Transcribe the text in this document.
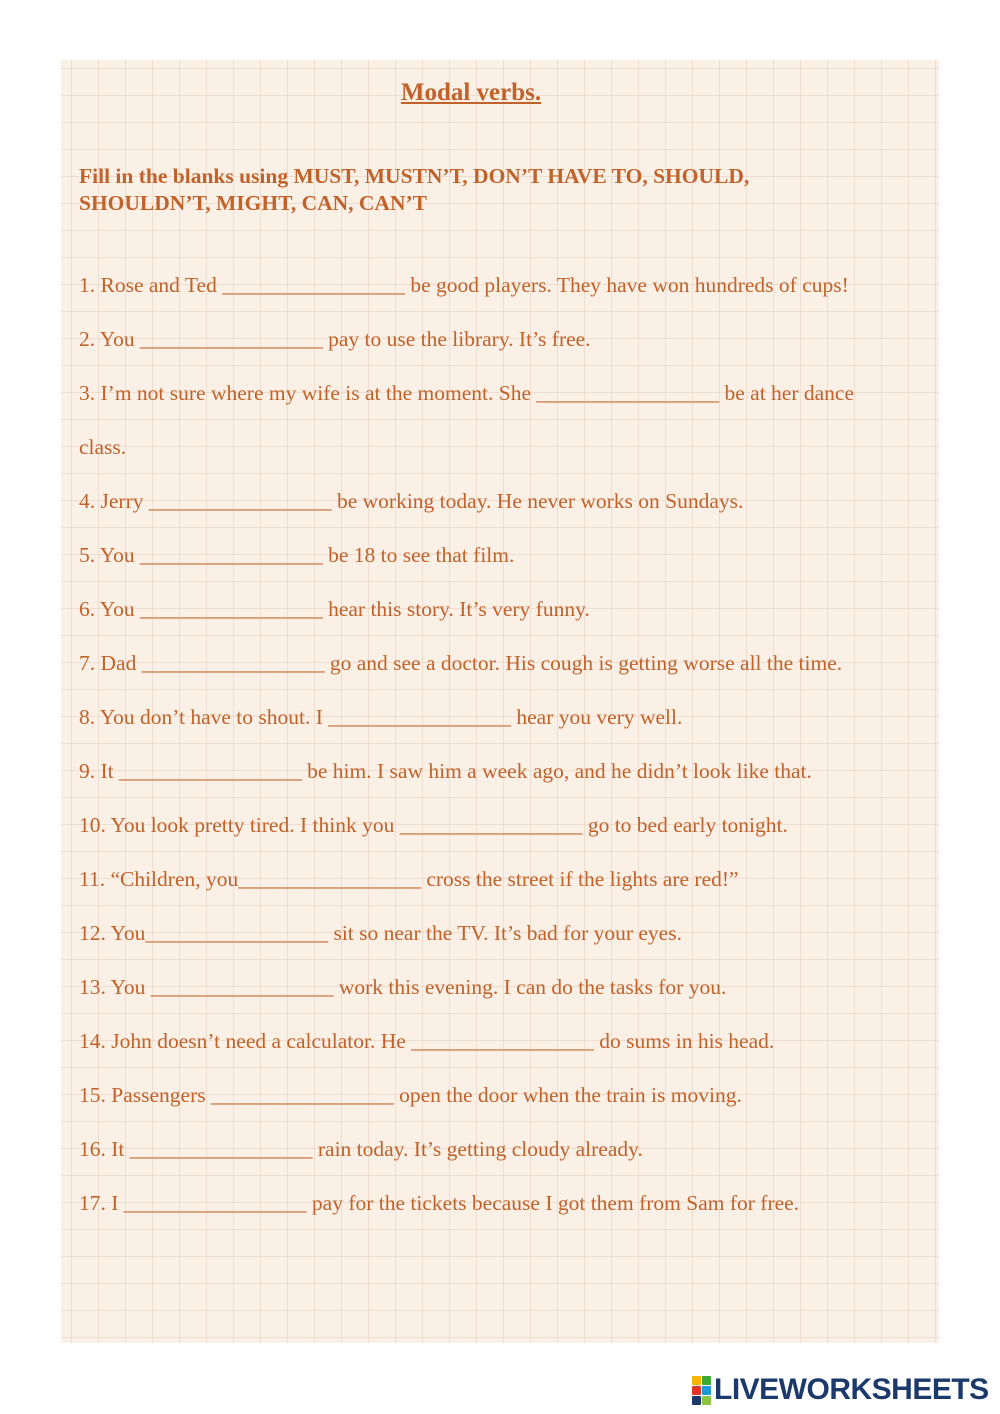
Modal verbs.
Fill in the blanks using MUST, MUSTN’T, DON’T HAVE TO, SHOULD, SHOULDN’T, MIGHT, CAN, CAN’T
1. Rose and Ted _________________ be good players. They have won hundreds of cups!
2. You _________________ pay to use the library. It’s free.
3. I’m not sure where my wife is at the moment. She _________________ be at her dance
class.
4. Jerry _________________ be working today. He never works on Sundays.
5. You _________________ be 18 to see that film.
6. You _________________ hear this story. It’s very funny.
7. Dad _________________ go and see a doctor. His cough is getting worse all the time.
8. You don’t have to shout. I _________________ hear you very well.
9. It _________________ be him. I saw him a week ago, and he didn’t look like that.
10. You look pretty tired. I think you _________________ go to bed early tonight.
11. “Children, you_________________ cross the street if the lights are red!”
12. You_________________ sit so near the TV. It’s bad for your eyes.
13. You _________________ work this evening. I can do the tasks for you.
14. John doesn’t need a calculator. He _________________ do sums in his head.
15. Passengers _________________ open the door when the train is moving.
16. It _________________ rain today. It’s getting cloudy already.
17. I _________________ pay for the tickets because I got them from Sam for free.
LIVEWORKSHEETS
